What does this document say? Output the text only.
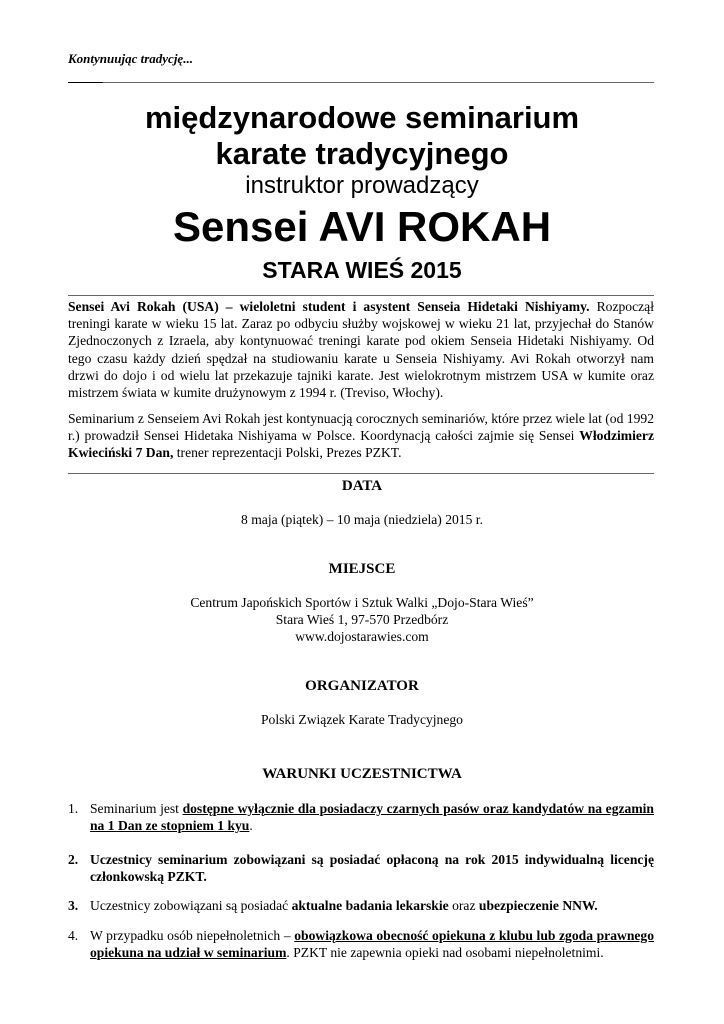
Kontynuując tradycję...
międzynarodowe seminarium
karate tradycyjnego
instruktor prowadzący
Sensei AVI ROKAH
STARA WIEŚ 2015
Sensei Avi Rokah (USA) – wieloletni student i asystent Senseia Hidetaki Nishiyamy. Rozpoczął treningi karate w wieku 15 lat. Zaraz po odbyciu służby wojskowej w wieku 21 lat, przyjechał do Stanów Zjednoczonych z Izraela, aby kontynuować treningi karate pod okiem Senseia Hidetaki Nishiyamy. Od tego czasu każdy dzień spędzał na studiowaniu karate u Senseia Nishiyamy. Avi Rokah otworzył nam drzwi do dojo i od wielu lat przekazuje tajniki karate. Jest wielokrotnym mistrzem USA w kumite oraz mistrzem świata w kumite drużynowym z 1994 r. (Treviso, Włochy).
Seminarium z Senseiem Avi Rokah jest kontynuacją corocznych seminariów, które przez wiele lat (od 1992 r.) prowadził Sensei Hidetaka Nishiyama w Polsce. Koordynacją całości zajmie się Sensei Włodzimierz Kwieciński 7 Dan, trener reprezentacji Polski, Prezes PZKT.
DATA
8 maja (piątek) – 10 maja (niedziela) 2015 r.
MIEJSCE
Centrum Japońskich Sportów i Sztuk Walki „Dojo-Stara Wieś”
Stara Wieś 1, 97-570 Przedbórz
www.dojostarawies.com
ORGANIZATOR
Polski Związek Karate Tradycyjnego
WARUNKI UCZESTNICTWA
1. Seminarium jest dostępne wyłącznie dla posiadaczy czarnych pasów oraz kandydatów na egzamin na 1 Dan ze stopniem 1 kyu.
2. Uczestnicy seminarium zobowiązani są posiadać opłaconą na rok 2015 indywidualną licencję członkowską PZKT.
3. Uczestnicy zobowiązani są posiadać aktualne badania lekarskie oraz ubezpieczenie NNW.
4. W przypadku osób niepełnoletnich – obowiązkowa obecność opiekuna z klubu lub zgoda prawnego opiekuna na udział w seminarium. PZKT nie zapewnia opieki nad osobami niepełnoletnimi.
